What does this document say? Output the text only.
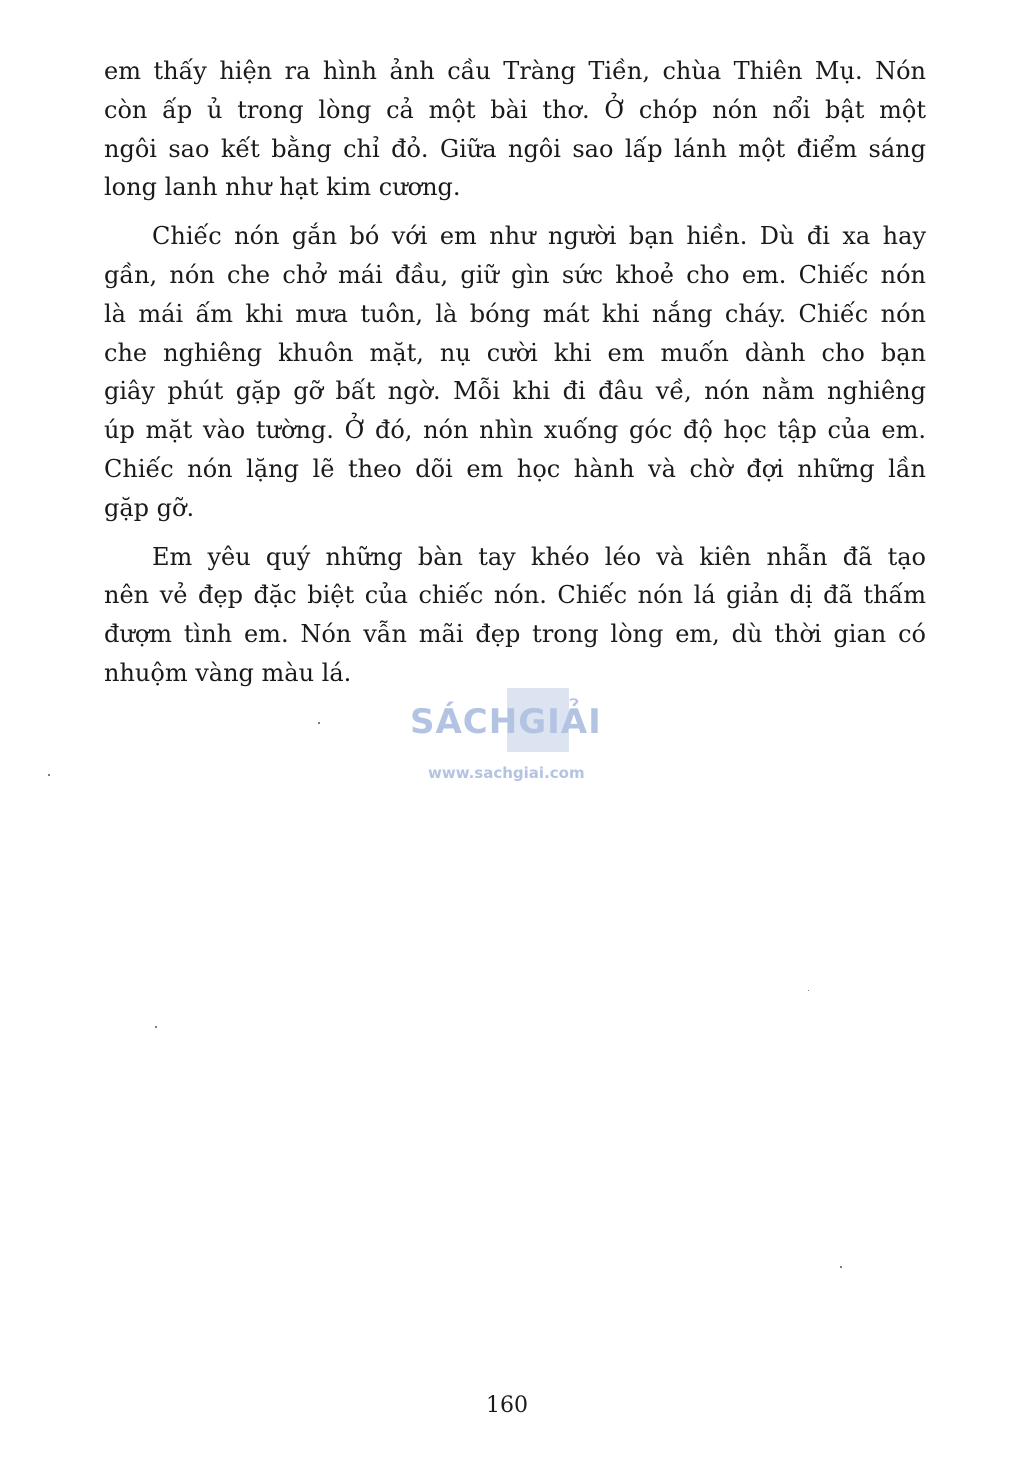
em thấy hiện ra hình ảnh cầu Tràng Tiền, chùa Thiên Mụ. Nón
còn ấp ủ trong lòng cả một bài thơ. Ở chóp nón nổi bật một
ngôi sao kết bằng chỉ đỏ. Giữa ngôi sao lấp lánh một điểm sáng
long lanh như hạt kim cương.
Chiếc nón gắn bó với em như người bạn hiền. Dù đi xa hay
gần, nón che chở mái đầu, giữ gìn sức khoẻ cho em. Chiếc nón
là mái ấm khi mưa tuôn, là bóng mát khi nắng cháy. Chiếc nón
che nghiêng khuôn mặt, nụ cười khi em muốn dành cho bạn
giây phút gặp gỡ bất ngờ. Mỗi khi đi đâu về, nón nằm nghiêng
úp mặt vào tường. Ở đó, nón nhìn xuống góc độ học tập của em.
Chiếc nón lặng lẽ theo dõi em học hành và chờ đợi những lần
gặp gỡ.
Em yêu quý những bàn tay khéo léo và kiên nhẫn đã tạo
nên vẻ đẹp đặc biệt của chiếc nón. Chiếc nón lá giản dị đã thấm
đượm tình em. Nón vẫn mãi đẹp trong lòng em, dù thời gian có
nhuộm vàng màu lá.
SÁCHGIẢI
www.sachgiai.com
160
